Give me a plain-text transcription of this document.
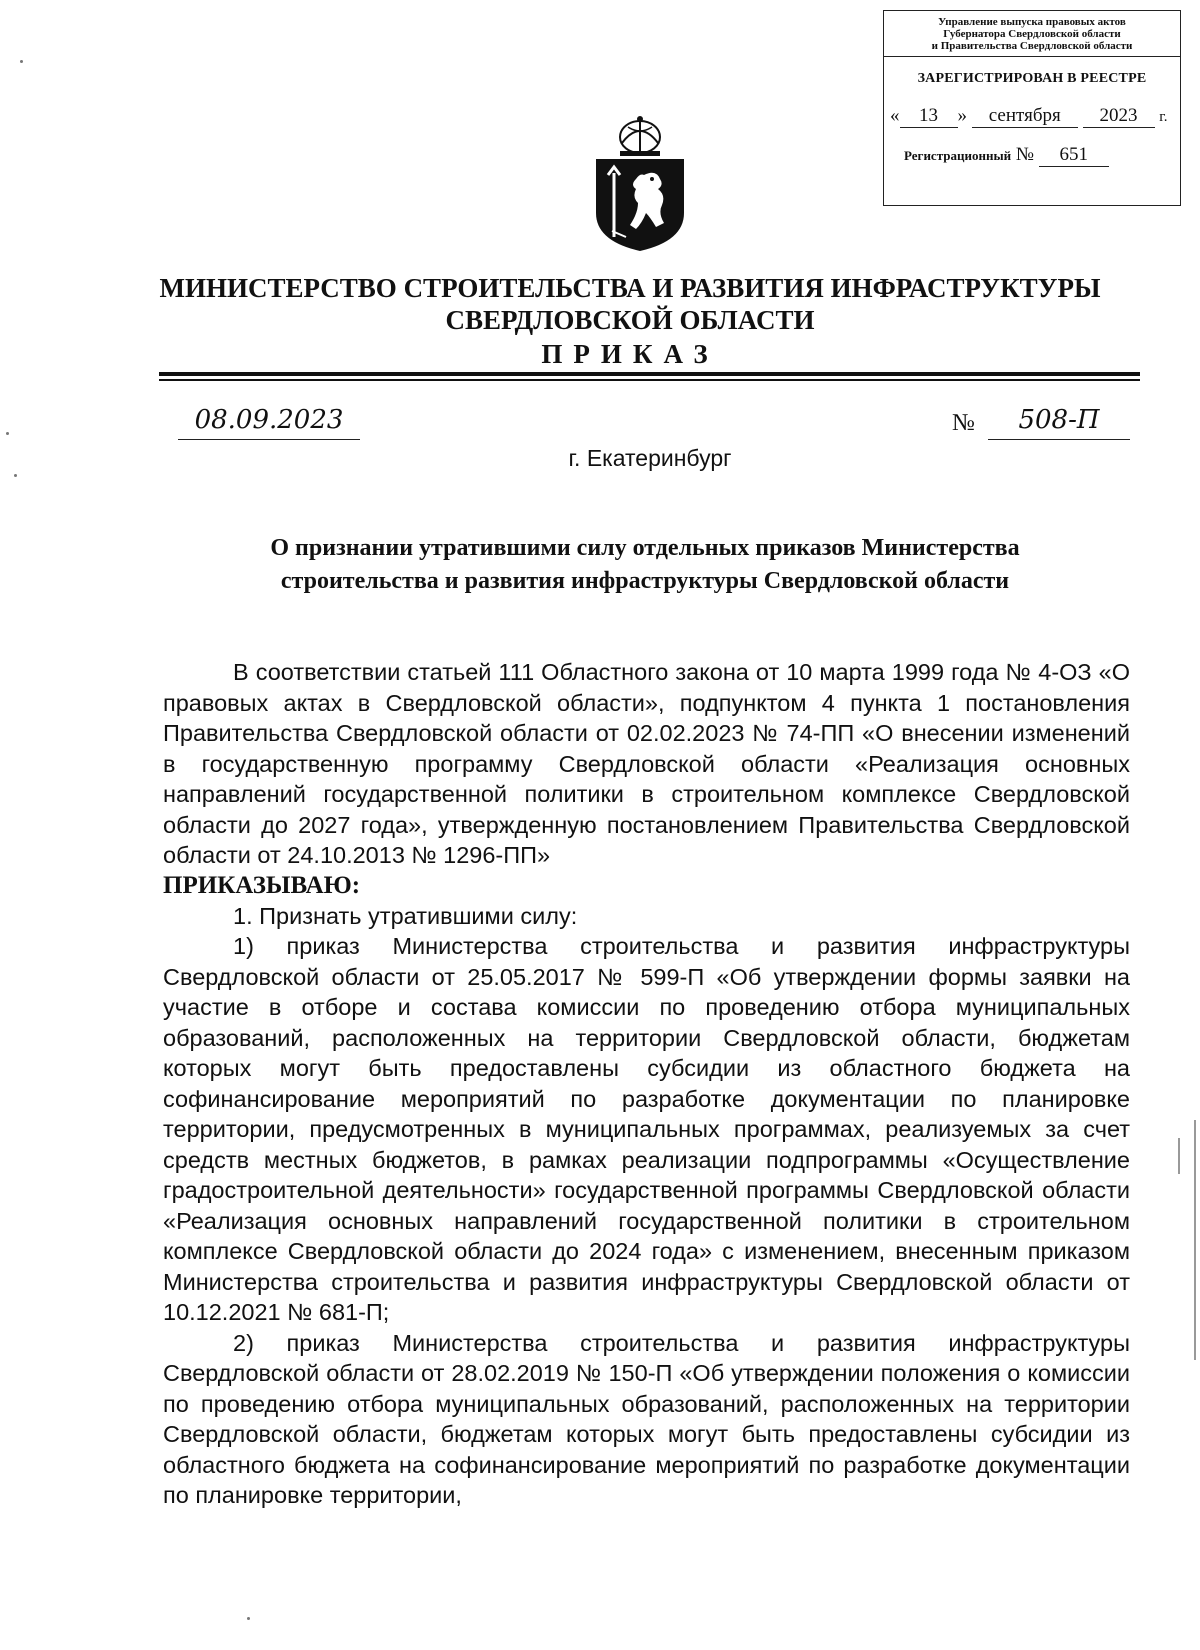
Управление выпуска правовых актов
Губернатора Свердловской области
и Правительства Свердловской области
ЗАРЕГИСТРИРОВАН В РЕЕСТРЕ
« 13 » сентября 2023 г.
Регистрационный № 651
МИНИСТЕРСТВО СТРОИТЕЛЬСТВА И РАЗВИТИЯ ИНФРАСТРУКТУРЫ
СВЕРДЛОВСКОЙ ОБЛАСТИ
ПРИКАЗ
08.09.2023	№	508-П
г. Екатеринбург
О признании утратившими силу отдельных приказов Министерства
строительства и развития инфраструктуры Свердловской области

В соответствии статьей 111 Областного закона от 10 марта 1999 года № 4-ОЗ «О правовых актах в Свердловской области», подпунктом 4 пункта 1 постановления Правительства Свердловской области от 02.02.2023 № 74-ПП «О внесении изменений в государственную программу Свердловской области «Реализация основных направлений государственной политики в строительном комплексе Свердловской области до 2027 года», утвержденную постановлением Правительства Свердловской области от 24.10.2013 № 1296-ПП»

ПРИКАЗЫВАЮ:

1. Признать утратившими силу:

1) приказ Министерства строительства и развития инфраструктуры Свердловской области от 25.05.2017 № 599-П «Об утверждении формы заявки на участие в отборе и состава комиссии по проведению отбора муниципальных образований, расположенных на территории Свердловской области, бюджетам которых могут быть предоставлены субсидии из областного бюджета на софинансирование мероприятий по разработке документации по планировке территории, предусмотренных в муниципальных программах, реализуемых за счет средств местных бюджетов, в рамках реализации подпрограммы «Осуществление градостроительной деятельности» государственной программы Свердловской области «Реализация основных направлений государственной политики в строительном комплексе Свердловской области до 2024 года» с изменением, внесенным приказом Министерства строительства и развития инфраструктуры Свердловской области от 10.12.2021 № 681-П;

2) приказ Министерства строительства и развития инфраструктуры Свердловской области от 28.02.2019 № 150-П «Об утверждении положения о комиссии по проведению отбора муниципальных образований, расположенных на территории Свердловской области, бюджетам которых могут быть предоставлены субсидии из областного бюджета на софинансирование мероприятий по разработке документации по планировке территории,
